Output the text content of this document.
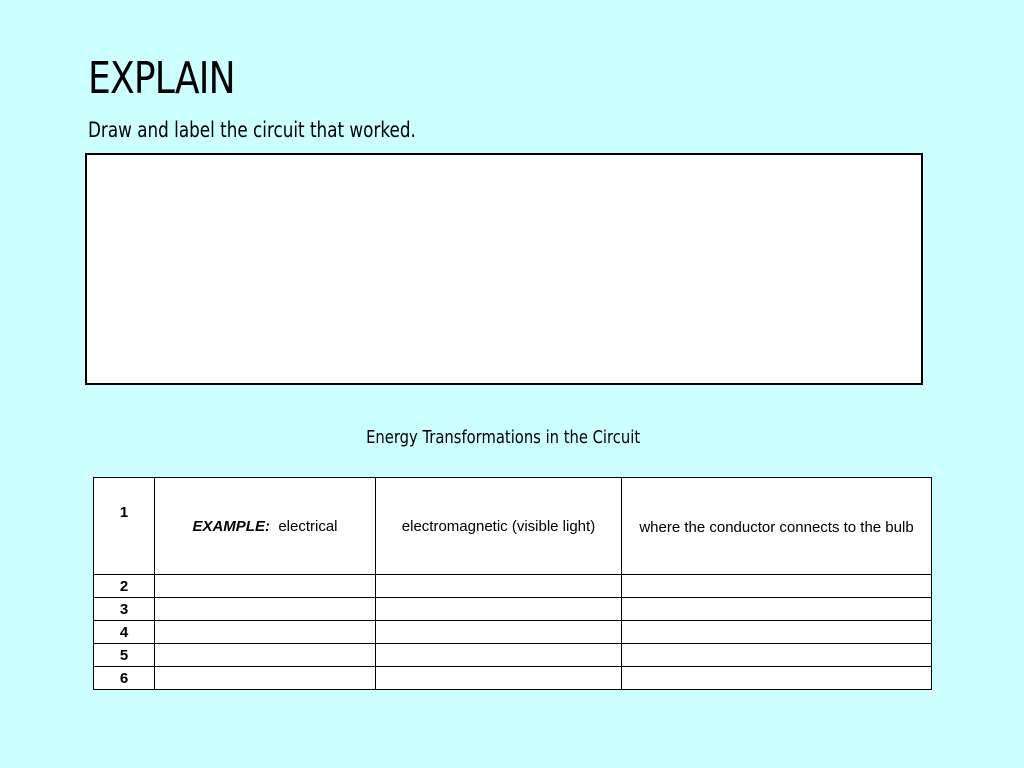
EXPLAIN
Draw and label the circuit that worked.
Energy Transformations in the Circuit
1	EXAMPLE: electrical	electromagnetic (visible light)	where the conductor connects to the bulb
2			
3			
4			
5			
6			
